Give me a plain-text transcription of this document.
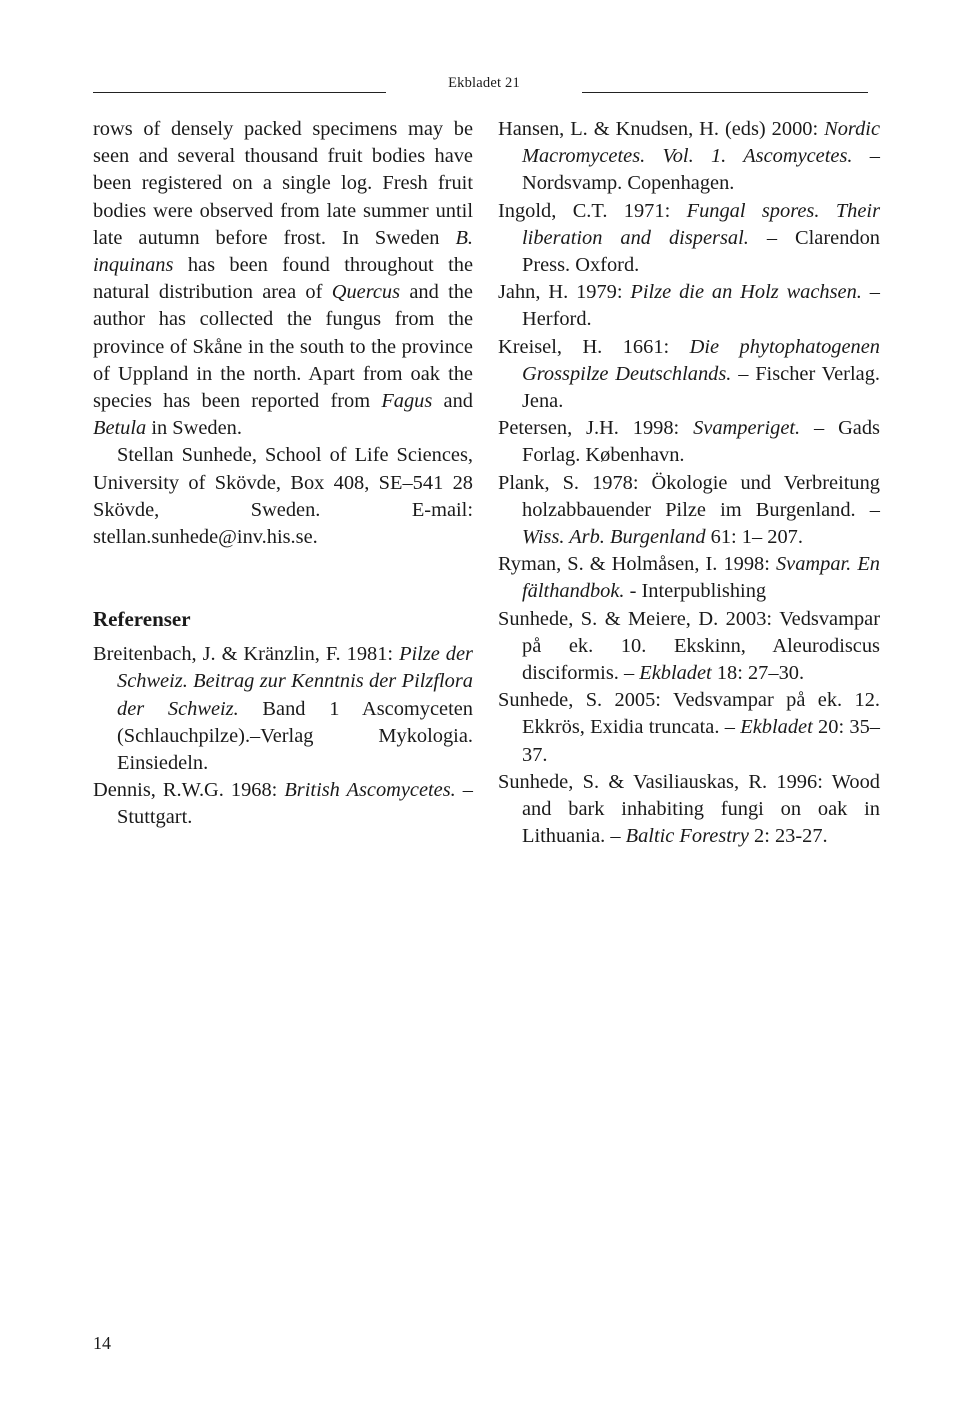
Ekbladet 21

rows of densely packed specimens may be seen and several thousand fruit bodies have been registered on a single log. Fresh fruit bodies were observed from late summer until late autumn before frost. In Sweden B. inquinans has been found throughout the natural distribution area of Quercus and the author has collected the fungus from the province of Skåne in the south to the province of Uppland in the north. Apart from oak the species has been reported from Fagus and Betula in Sweden.

Stellan Sunhede, School of Life Sciences, University of Skövde, Box 408, SE–541 28 Skövde, Sweden. E-mail: stellan.sunhede@inv.his.se.

Referenser

Breitenbach, J. & Kränzlin, F. 1981: Pilze der Schweiz. Beitrag zur Kenntnis der Pilzflora der Schweiz. Band 1 Ascomyceten (Schlauchpilze).–Verlag Mykologia. Einsiedeln.

Dennis, R.W.G. 1968: British Ascomycetes. – Stuttgart.

Hansen, L. & Knudsen, H. (eds) 2000: Nordic Macromycetes. Vol. 1. Ascomycetes. – Nordsvamp. Copenhagen.

Ingold, C.T. 1971: Fungal spores. Their liberation and dispersal. – Clarendon Press. Oxford.

Jahn, H. 1979: Pilze die an Holz wachsen. – Herford.

Kreisel, H. 1661: Die phytophatogenen Grosspilze Deutschlands. – Fischer Verlag. Jena.

Petersen, J.H. 1998: Svamperiget. – Gads Forlag. København.

Plank, S. 1978: Ökologie und Verbreitung holzabbauender Pilze im Burgenland. – Wiss. Arb. Burgenland 61: 1– 207.

Ryman, S. & Holmåsen, I. 1998: Svampar. En fälthandbok. - Interpublishing

Sunhede, S. & Meiere, D. 2003: Vedsvampar på ek. 10. Ekskinn, Aleurodiscus disciformis. – Ekbladet 18: 27–30.

Sunhede, S. 2005: Vedsvampar på ek. 12. Ekkrös, Exidia truncata. – Ekbladet 20: 35–37.

Sunhede, S. & Vasiliauskas, R. 1996: Wood and bark inhabiting fungi on oak in Lithuania. – Baltic Forestry 2: 23-27.

14
